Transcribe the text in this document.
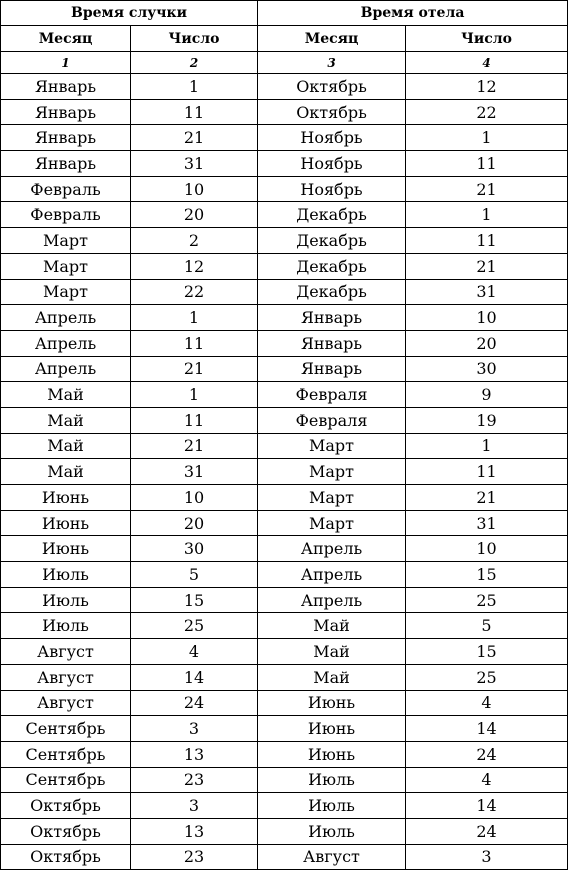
Время случки		Время отела	
Месяц	Число	Месяц	Число
1	2	3	4
Январь	1	Октябрь	12
Январь	11	Октябрь	22
Январь	21	Ноябрь	1
Январь	31	Ноябрь	11
Февраль	10	Ноябрь	21
Февраль	20	Декабрь	1
Март	2	Декабрь	11
Март	12	Декабрь	21
Март	22	Декабрь	31
Апрель	1	Январь	10
Апрель	11	Январь	20
Апрель	21	Январь	30
Май	1	Февраля	9
Май	11	Февраля	19
Май	21	Март	1
Май	31	Март	11
Июнь	10	Март	21
Июнь	20	Март	31
Июнь	30	Апрель	10
Июль	5	Апрель	15
Июль	15	Апрель	25
Июль	25	Май	5
Август	4	Май	15
Август	14	Май	25
Август	24	Июнь	4
Сентябрь	3	Июнь	14
Сентябрь	13	Июнь	24
Сентябрь	23	Июль	4
Октябрь	3	Июль	14
Октябрь	13	Июль	24
Октябрь	23	Август	3
